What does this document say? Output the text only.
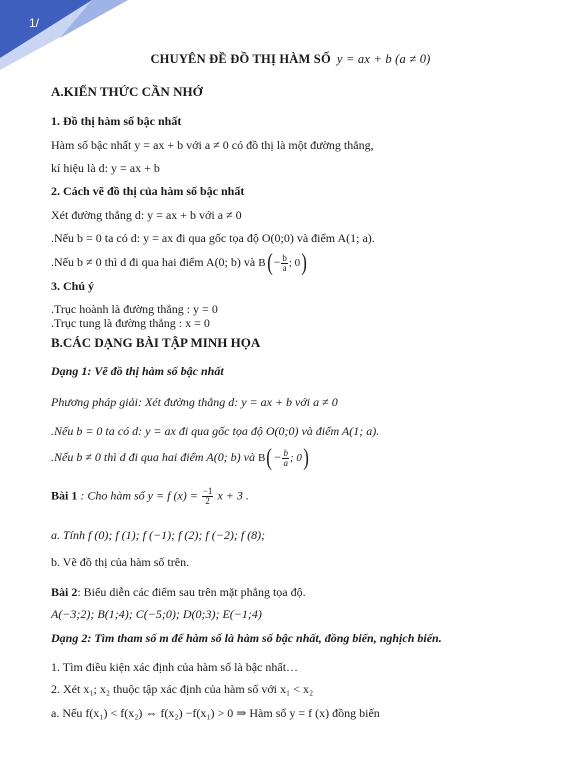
1/
CHUYÊN ĐỀ ĐỒ THỊ HÀM SỐ y = ax + b (a ≠ 0)
A.KIẾN THỨC CẦN NHỚ
1. Đồ thị hàm số bậc nhất
Hàm số bậc nhất y = ax + b với a ≠ 0 có đồ thị là một đường thẳng,
kí hiệu là d: y = ax + b
2. Cách vẽ đồ thị của hàm số bậc nhất
Xét đường thẳng d: y = ax + b với a ≠ 0
.Nếu b = 0 ta có d: y = ax đi qua gốc tọa độ O(0;0) và điểm A(1; a).
.Nếu b ≠ 0 thì d đi qua hai điểm A(0; b) và $B(- \frac{b}{a}$ ; 0)
3. Chú ý
.Trục hoành là đường thẳng : y = 0
.Trục tung là đường thẳng : x = 0
B.CÁC DẠNG BÀI TẬP MINH HỌA
Dạng 1: Vẽ đồ thị hàm số bậc nhất
Phương pháp giải: Xét đường thẳng d: y = ax + b với a ≠ 0
.Nếu b = 0 ta có d: y = ax đi qua gốc tọa độ O(0;0) và điểm A(1; a).
.Nếu b ≠ 0 thì d đi qua hai điểm A(0; b) và $B(- \frac{b}{a}$ ; 0)
Bài 1 : Cho hàm số y = f $(x) = \frac{-1}{2}$ x + 3 .
a. Tính f (0); f (1); f (−1); f (2); f (−2); f (8);
b. Vẽ đồ thị của hàm số trên.
Bài 2: Biểu diễn các điểm sau trên mặt phẳng tọa độ.
A(−3;2); B(1;4); C(−5;0); D(0;3); E(−1;4)
Dạng 2: Tìm tham số m để hàm số là hàm số bậc nhất, đồng biến, nghịch biến.
1. Tìm điều kiện xác định của hàm số là bậc nhất…
2. Xét x₁; x₂ thuộc tập xác định của hàm số với x₁ < x₂
a. Nếu f(x₁) < f(x₂) ⇔ f(x₂) −f(x₁) > 0 ⇒ Hàm số y = f (x) đồng biến
